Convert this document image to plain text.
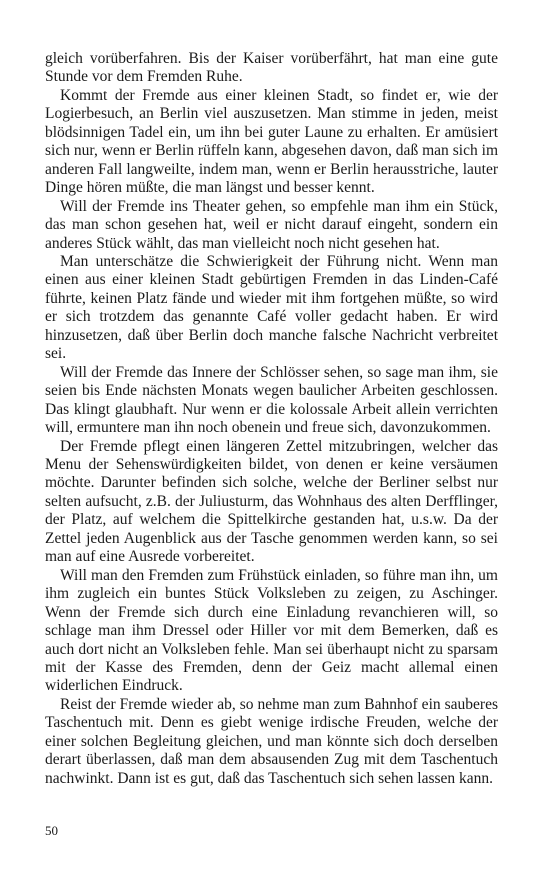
gleich vorüberfahren. Bis der Kaiser vorüberfährt, hat man eine gute Stunde vor dem Fremden Ruhe.

Kommt der Fremde aus einer kleinen Stadt, so findet er, wie der Logierbesuch, an Berlin viel auszusetzen. Man stimme in jeden, meist blödsinnigen Tadel ein, um ihn bei guter Laune zu erhalten. Er amüsiert sich nur, wenn er Berlin rüffeln kann, abgesehen davon, daß man sich im anderen Fall langweilte, indem man, wenn er Berlin herausstriche, lauter Dinge hören müßte, die man längst und besser kennt.

Will der Fremde ins Theater gehen, so empfehle man ihm ein Stück, das man schon gesehen hat, weil er nicht darauf eingeht, sondern ein anderes Stück wählt, das man vielleicht noch nicht gesehen hat.

Man unterschätze die Schwierigkeit der Führung nicht. Wenn man einen aus einer kleinen Stadt gebürtigen Fremden in das Linden-Café führte, keinen Platz fände und wieder mit ihm fortgehen müßte, so wird er sich trotzdem das genannte Café voller gedacht haben. Er wird hinzusetzen, daß über Berlin doch manche falsche Nachricht verbreitet sei.

Will der Fremde das Innere der Schlösser sehen, so sage man ihm, sie seien bis Ende nächsten Monats wegen baulicher Arbeiten geschlossen. Das klingt glaubhaft. Nur wenn er die kolossale Arbeit allein verrichten will, ermuntere man ihn noch obenein und freue sich, davonzukommen.

Der Fremde pflegt einen längeren Zettel mitzubringen, welcher das Menu der Sehenswürdigkeiten bildet, von denen er keine versäumen möchte. Darunter befinden sich solche, welche der Berliner selbst nur selten aufsucht, z.B. der Juliusturm, das Wohnhaus des alten Derfflinger, der Platz, auf welchem die Spittelkirche gestanden hat, u.s.w. Da der Zettel jeden Augenblick aus der Tasche genommen werden kann, so sei man auf eine Ausrede vorbereitet.

Will man den Fremden zum Frühstück einladen, so führe man ihn, um ihm zugleich ein buntes Stück Volksleben zu zeigen, zu Aschinger. Wenn der Fremde sich durch eine Einladung revanchieren will, so schlage man ihm Dressel oder Hiller vor mit dem Bemerken, daß es auch dort nicht an Volksleben fehle. Man sei überhaupt nicht zu sparsam mit der Kasse des Fremden, denn der Geiz macht allemal einen widerlichen Eindruck.

Reist der Fremde wieder ab, so nehme man zum Bahnhof ein sauberes Taschentuch mit. Denn es giebt wenige irdische Freuden, welche der einer solchen Begleitung gleichen, und man könnte sich doch derselben derart überlassen, daß man dem absausenden Zug mit dem Taschentuch nachwinkt. Dann ist es gut, daß das Taschentuch sich sehen lassen kann.

50
